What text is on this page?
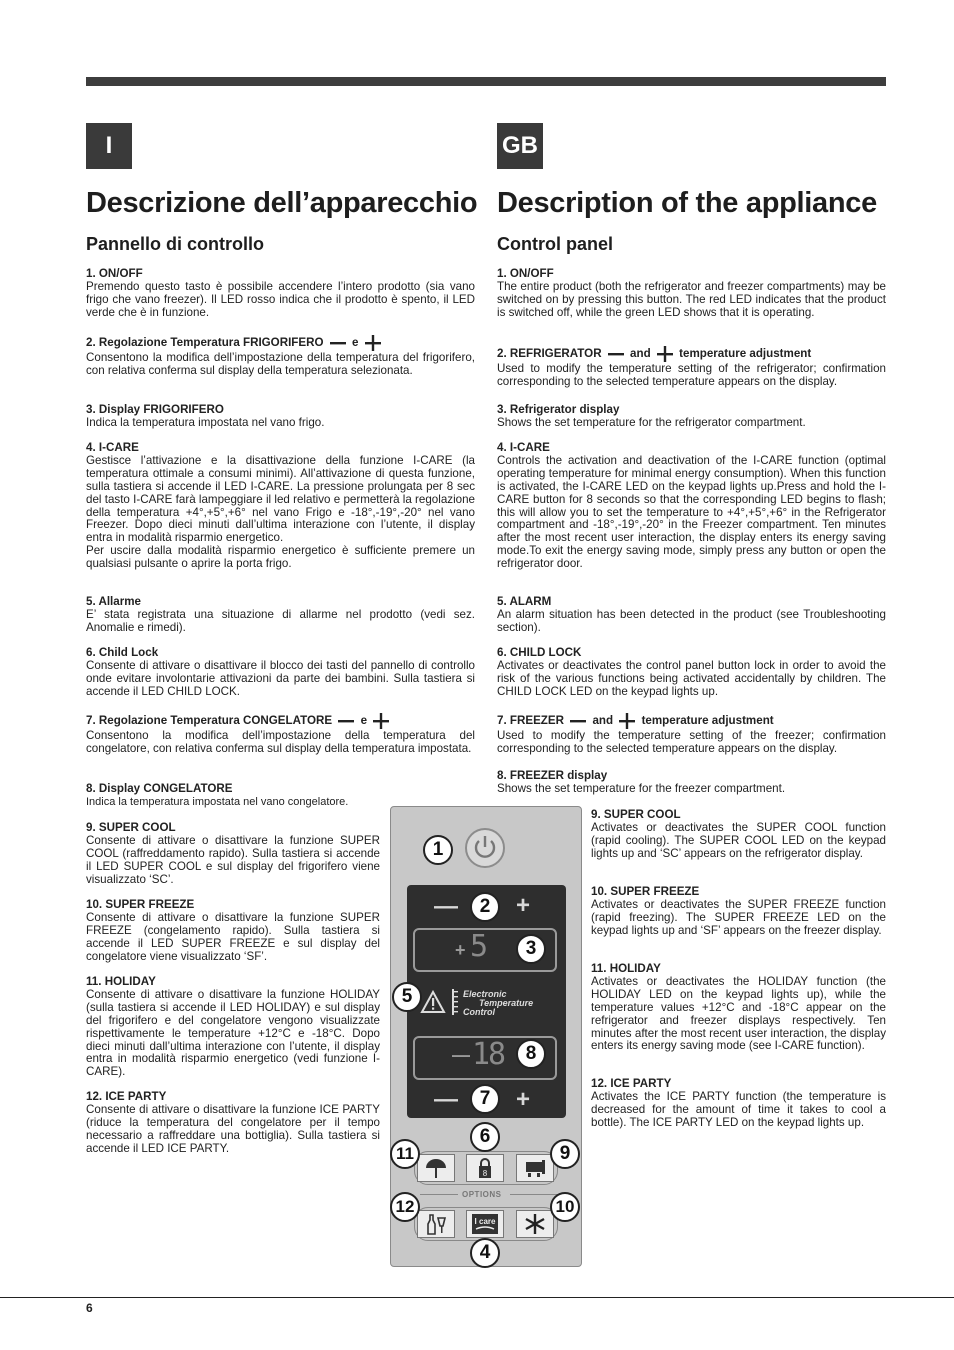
I
Descrizione dell’apparecchio
Pannello di controllo
GB
Description of the appliance
Control panel
1. ON/OFF
Premendo questo tasto è possibile accendere l’intero prodotto (sia vano frigo che vano freezer). Il LED rosso indica che il prodotto è spento, il LED verde che è in funzione.
2. Regolazione Temperatura FRIGORIFERO e
Consentono la modifica dell’impostazione della temperatura del frigorifero, con relativa conferma sul display della temperatura selezionata.
3. Display FRIGORIFERO
Indica la temperatura impostata nel vano frigo.
4. I-CARE
Gestisce l’attivazione e la disattivazione della funzione I-CARE (la temperatura ottimale a consumi minimi). All’attivazione di questa funzione, sulla tastiera si accende il LED I-CARE. La pressione prolungata per 8 sec del tasto I-CARE farà lampeggiare il led relativo e permetterà la regolazione della temperatura +4°,+5°,+6° nel vano Frigo e -18°,-19°,-20° nel vano Freezer. Dopo dieci minuti dall’ultima interazione con l’utente, il display entra in modalità risparmio energetico.
Per uscire dalla modalità risparmio energetico è sufficiente premere un qualsiasi pulsante o aprire la porta frigo.
5. Allarme
E’ stata registrata una situazione di allarme nel prodotto (vedi sez. Anomalie e rimedi).
6. Child Lock
Consente di attivare o disattivare il blocco dei tasti del pannello di controllo onde evitare involontarie attivazioni da parte dei bambini. Sulla tastiera si accende il LED CHILD LOCK.
7. Regolazione Temperatura CONGELATORE e
Consentono la modifica dell’impostazione della temperatura del congelatore, con relativa conferma sul display della temperatura impostata.
8. Display CONGELATORE
Indica la temperatura impostata nel vano congelatore.
9. SUPER COOL
Consente di attivare o disattivare la funzione SUPER COOL (raffreddamento rapido). Sulla tastiera si accende il LED SUPER COOL e sul display del frigorifero viene visualizzato ‘SC’.
10. SUPER FREEZE
Consente di attivare o disattivare la funzione SUPER FREEZE (congelamento rapido). Sulla tastiera si accende il LED SUPER FREEZE e sul display del congelatore viene visualizzato ‘SF’.
11. HOLIDAY
Consente di attivare o disattivare la funzione HOLIDAY (sulla tastiera si accende il LED HOLIDAY) e sul display del frigorifero e del congelatore vengono visualizzate rispettivamente le temperature +12°C e -18°C. Dopo dieci minuti dall’ultima interazione con l’utente, il display entra in modalità risparmio energetico (vedi funzione I-CARE).
12. ICE PARTY
Consente di attivare o disattivare la funzione ICE PARTY (riduce la temperatura del congelatore per il tempo necessario a raffreddare una bottiglia). Sulla tastiera si accende il LED ICE PARTY.
1. ON/OFF
The entire product (both the refrigerator and freezer compartments) may be switched on by pressing this button. The red LED indicates that the product is switched off, while the green LED shows that it is operating.
2. REFRIGERATOR and temperature adjustment
Used to modify the temperature setting of the refrigerator; confirmation corresponding to the selected temperature appears on the display.
3. Refrigerator display
Shows the set temperature for the refrigerator compartment.
4. I-CARE
Controls the activation and deactivation of the I-CARE function (optimal operating temperature for minimal energy consumption). When this function is activated, the I-CARE LED on the keypad lights up.Press and hold the I-CARE button for 8 seconds so that the corresponding LED begins to flash; this will allow you to set the temperature to +4°,+5°,+6° in the Refrigerator compartment and -18°,-19°,-20° in the Freezer compartment. Ten minutes after the most recent user interaction, the display enters its energy saving mode.To exit the energy saving mode, simply press any button or open the refrigerator door.
5. ALARM
An alarm situation has been detected in the product (see Troubleshooting section).
6. CHILD LOCK
Activates or deactivates the control panel button lock in order to avoid the risk of the various functions being activated accidentally by children. The CHILD LOCK LED on the keypad lights up.
7. FREEZER and temperature adjustment
Used to modify the temperature setting of the freezer; confirmation corresponding to the selected temperature appears on the display.
8. FREEZER display
Shows the set temperature for the freezer compartment.
9. SUPER COOL
Activates or deactivates the SUPER COOL function (rapid cooling). The SUPER COOL LED on the keypad lights up and ‘SC’ appears on the refrigerator display.
10. SUPER FREEZE
Activates or deactivates the SUPER FREEZE function (rapid freezing). The SUPER FREEZE LED on the keypad lights up and ‘SF’ appears on the freezer display.
11. HOLIDAY
Activates or deactivates the HOLIDAY function (the HOLIDAY LED on the keypad lights up), while the temperature values +12°C and -18°C appear on the refrigerator and freezer displays respectively. Ten minutes after the most recent user interaction, the display enters its energy saving mode (see I-CARE function).
12. ICE PARTY
Activates the ICE PARTY function (the temperature is decreased for the amount of time it takes to cool a bottle). The ICE PARTY LED on the keypad lights up.
— +
+ 5
Electronic
Temperature
Control
— 18
— +
OPTIONS
8
I care
1
2
3
4
5
6
7
8
9
10
11
12
6
